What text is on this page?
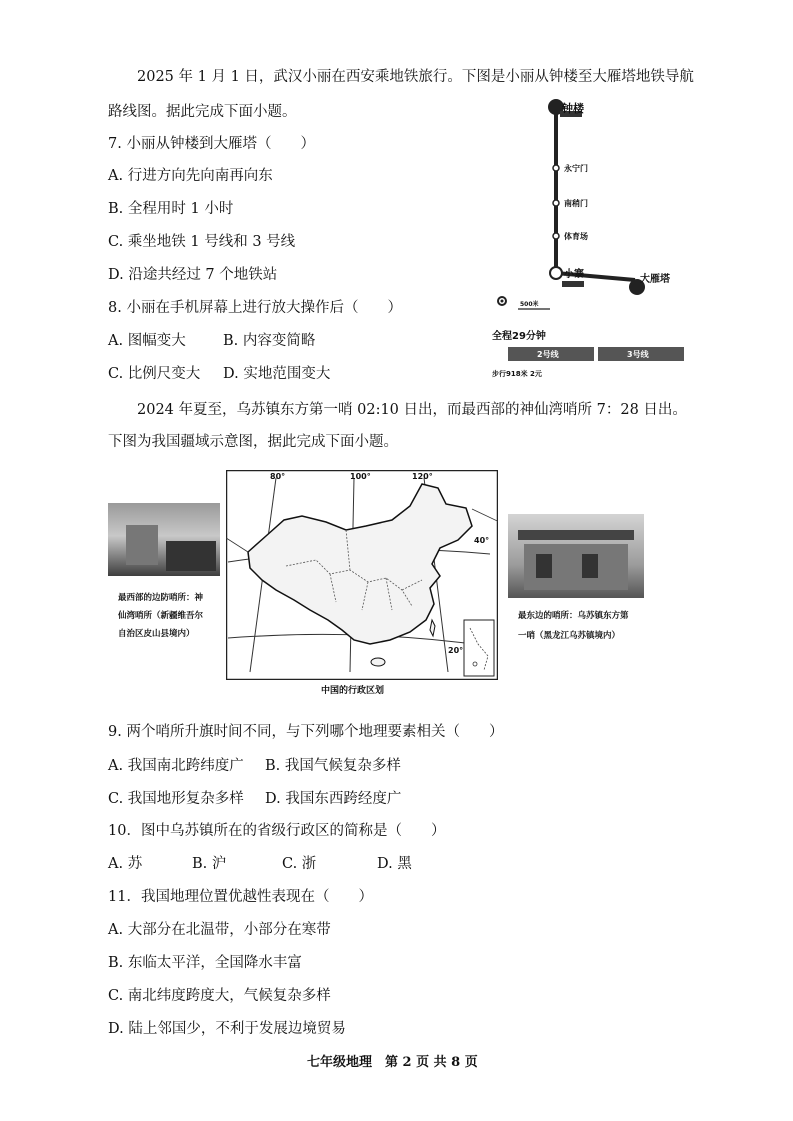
2025 年 1 月 1 日，武汉小丽在西安乘地铁旅行。下图是小丽从钟楼至大雁塔地铁导航
路线图。据此完成下面小题。
7. 小丽从钟楼到大雁塔（　　）
A. 行进方向先向南再向东
B. 全程用时 1 小时
C. 乘坐地铁 1 号线和 3 号线
D. 沿途共经过 7 个地铁站
8. 小丽在手机屏幕上进行放大操作后（　　）
A. 图幅变大	B. 内容变简略
C. 比例尺变大 D. 实地范围变大
钟楼
永宁门
南稍门
体育场
小寨	大雁塔
500米
全程29分钟
2号线	3号线
步行918米 2元
2024 年夏至，乌苏镇东方第一哨 02:10 日出，而最西部的神仙湾哨所 7：28 日出。
下图为我国疆域示意图，据此完成下面小题。
最西部的边防哨所：神
仙湾哨所（新疆维吾尔
自治区皮山县境内）
80°	100°	120°
40°
20°
中国的行政区划
最东边的哨所：乌苏镇东方第
一哨（黑龙江乌苏镇境内）
9. 两个哨所升旗时间不同，与下列哪个地理要素相关（　　）
A. 我国南北跨纬度广 B. 我国气候复杂多样
C. 我国地形复杂多样 D. 我国东西跨经度广
10．图中乌苏镇所在的省级行政区的简称是（　　）
A. 苏	B. 沪	C. 浙	D. 黑
11．我国地理位置优越性表现在（　　）
A. 大部分在北温带，小部分在寒带
B. 东临太平洋，全国降水丰富
C. 南北纬度跨度大，气候复杂多样
D. 陆上邻国少，不利于发展边境贸易
七年级地理　第 2 页 共 8 页
